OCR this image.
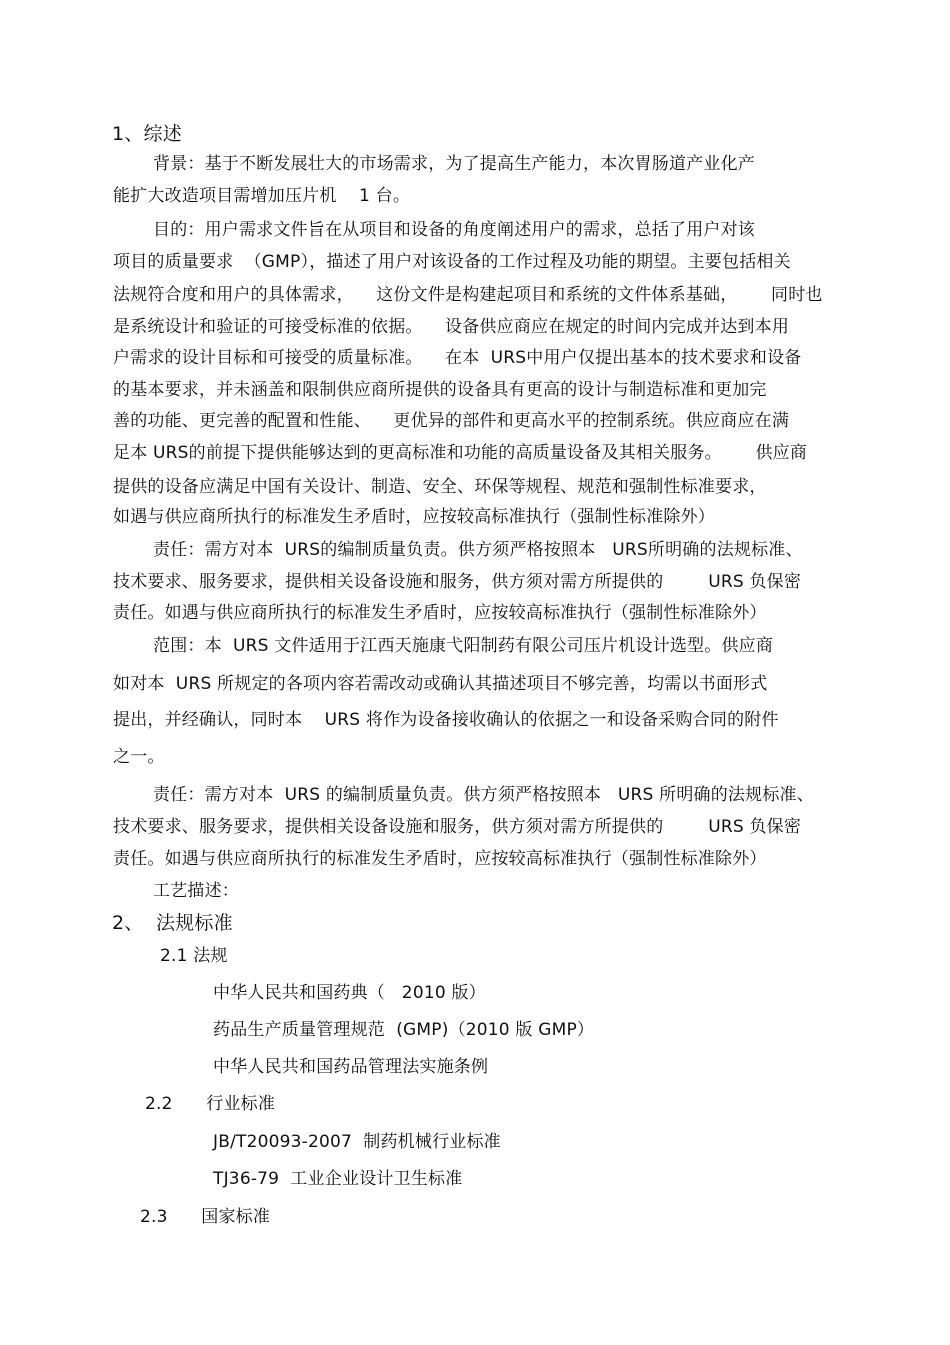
1、综述
背景：基于不断发展壮大的市场需求，为了提高生产能力，本次胃肠道产业化产
能扩大改造项目需增加压片机    1 台。
目的：用户需求文件旨在从项目和设备的角度阐述用户的需求，总括了用户对该
项目的质量要求  （GMP），描述了用户对该设备的工作过程及功能的期望。主要包括相关
法规符合度和用户的具体需求，    这份文件是构建起项目和系统的文件体系基础，      同时也
是系统设计和验证的可接受标准的依据。    设备供应商应在规定的时间内完成并达到本用
户需求的设计目标和可接受的质量标准。    在本  URS中用户仅提出基本的技术要求和设备
的基本要求，并未涵盖和限制供应商所提供的设备具有更高的设计与制造标准和更加完
善的功能、更完善的配置和性能、    更优异的部件和更高水平的控制系统。供应商应在满
足本 URS的前提下提供能够达到的更高标准和功能的高质量设备及其相关服务。      供应商
提供的设备应满足中国有关设计、制造、安全、环保等规程、规范和强制性标准要求，
如遇与供应商所执行的标准发生矛盾时，应按较高标准执行（强制性标准除外）
责任：需方对本  URS的编制质量负责。供方须严格按照本   URS所明确的法规标准、
技术要求、服务要求，提供相关设备设施和服务，供方须对需方所提供的        URS 负保密
责任。如遇与供应商所执行的标准发生矛盾时，应按较高标准执行（强制性标准除外）
范围：本  URS 文件适用于江西天施康弋阳制药有限公司压片机设计选型。供应商
如对本  URS 所规定的各项内容若需改动或确认其描述项目不够完善，均需以书面形式
提出，并经确认，同时本    URS 将作为设备接收确认的依据之一和设备采购合同的附件
之一。
责任：需方对本  URS 的编制质量负责。供方须严格按照本   URS 所明确的法规标准、
技术要求、服务要求，提供相关设备设施和服务，供方须对需方所提供的        URS 负保密
责任。如遇与供应商所执行的标准发生矛盾时，应按较高标准执行（强制性标准除外）
工艺描述：
2、  法规标准
2.1 法规
中华人民共和国药典（   2010 版）
药品生产质量管理规范  (GMP)（2010 版 GMP）
中华人民共和国药品管理法实施条例
2.2      行业标准
JB/T20093-2007  制药机械行业标准
TJ36-79  工业企业设计卫生标准
2.3      国家标准
